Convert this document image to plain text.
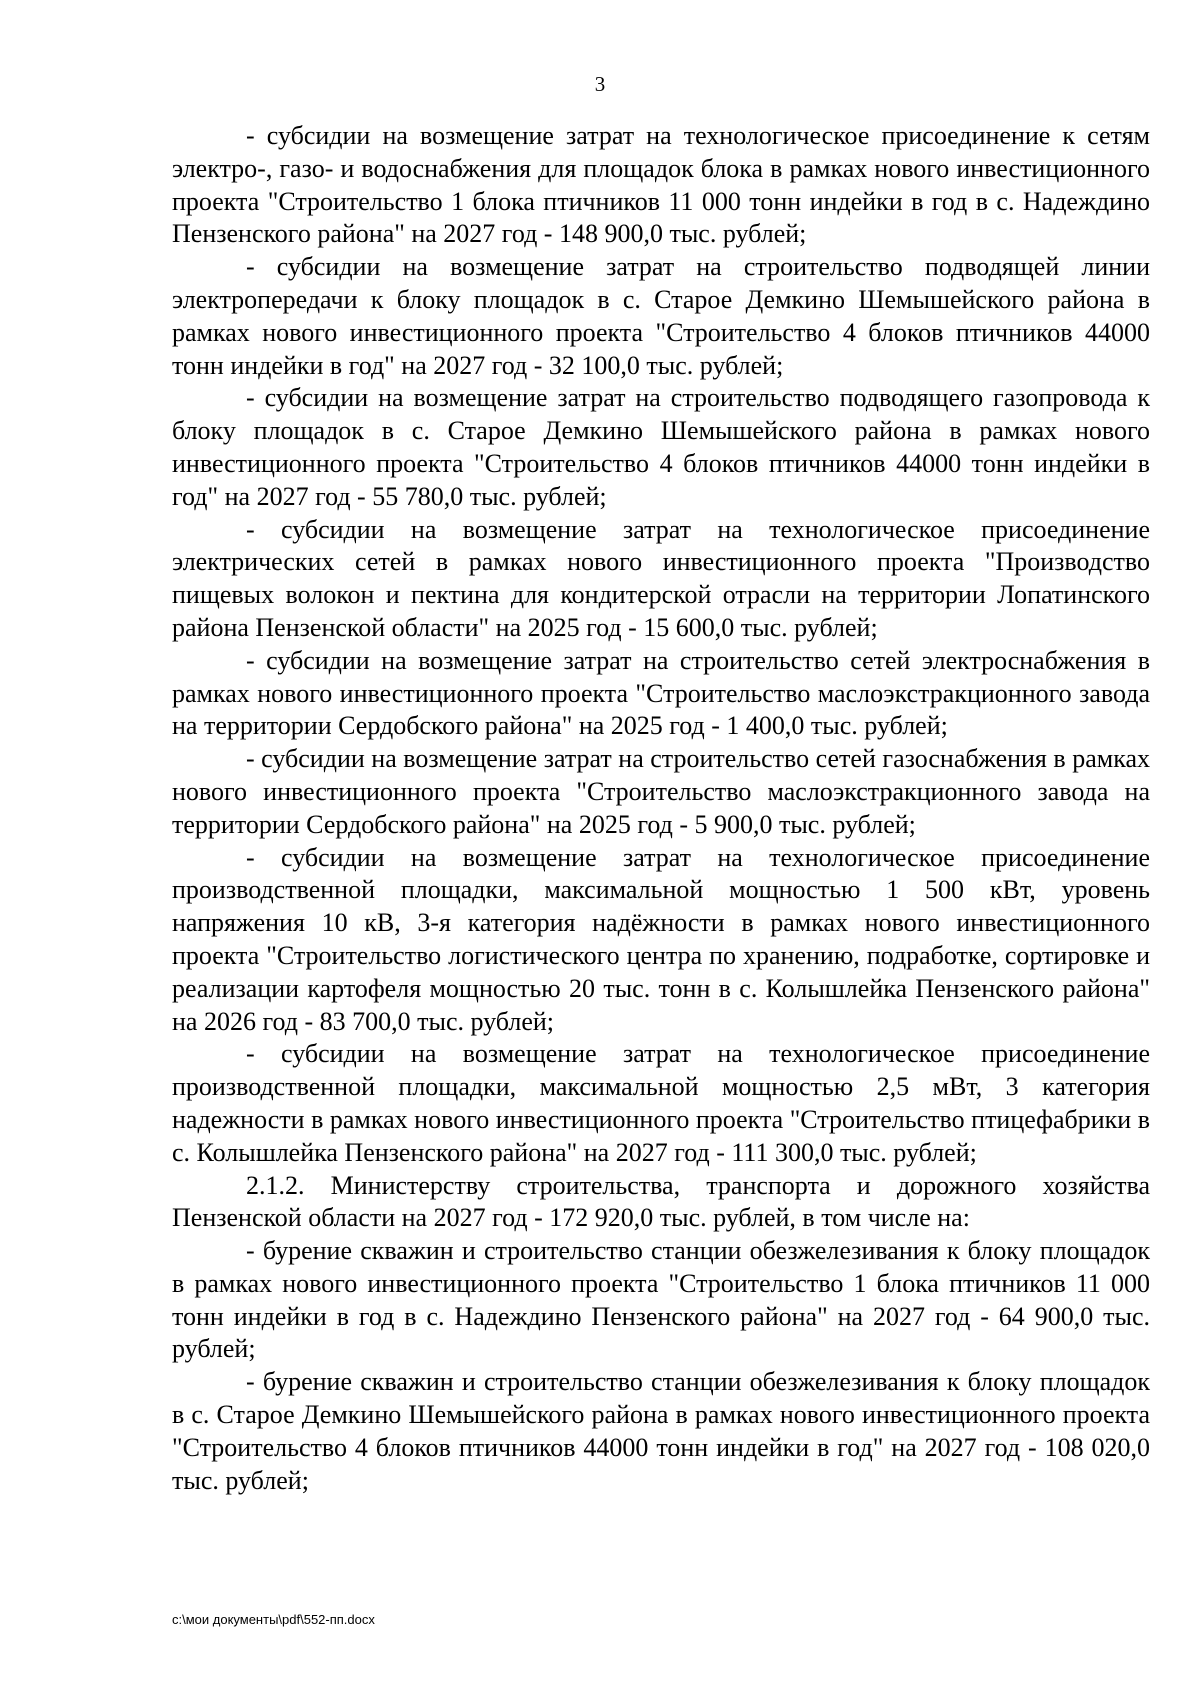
3

- субсидии на возмещение затрат на технологическое присоединение к сетям электро-, газо- и водоснабжения для площадок блока в рамках нового инвестиционного проекта "Строительство 1 блока птичников 11 000 тонн индейки в год в с. Надеждино Пензенского района" на 2027 год - 148 900,0 тыс. рублей;

- субсидии на возмещение затрат на строительство подводящей линии электропередачи к блоку площадок в с. Старое Демкино Шемышейского района в рамках нового инвестиционного проекта "Строительство 4 блоков птичников 44000 тонн индейки в год" на 2027 год - 32 100,0 тыс. рублей;

- субсидии на возмещение затрат на строительство подводящего газопровода к блоку площадок в с. Старое Демкино Шемышейского района в рамках нового инвестиционного проекта "Строительство 4 блоков птичников 44000 тонн индейки в год" на 2027 год - 55 780,0 тыс. рублей;

- субсидии на возмещение затрат на технологическое присоединение электрических сетей в рамках нового инвестиционного проекта "Производство пищевых волокон и пектина для кондитерской отрасли на территории Лопатинского района Пензенской области" на 2025 год - 15 600,0 тыс. рублей;

- субсидии на возмещение затрат на строительство сетей электроснабжения в рамках нового инвестиционного проекта "Строительство маслоэкстракционного завода на территории Сердобского района" на 2025 год - 1 400,0 тыс. рублей;

- субсидии на возмещение затрат на строительство сетей газоснабжения в рамках нового инвестиционного проекта "Строительство маслоэкстракционного завода на территории Сердобского района" на 2025 год - 5 900,0 тыс. рублей;

- субсидии на возмещение затрат на технологическое присоединение производственной площадки, максимальной мощностью 1 500 кВт, уровень напряжения 10 кВ, 3-я категория надёжности в рамках нового инвестиционного проекта "Строительство логистического центра по хранению, подработке, сортировке и реализации картофеля мощностью 20 тыс. тонн в с. Колышлейка Пензенского района" на 2026 год - 83 700,0 тыс. рублей;

- субсидии на возмещение затрат на технологическое присоединение производственной площадки, максимальной мощностью 2,5 мВт, 3 категория надежности в рамках нового инвестиционного проекта "Строительство птицефабрики в с. Колышлейка Пензенского района" на 2027 год - 111 300,0 тыс. рублей;

2.1.2. Министерству строительства, транспорта и дорожного хозяйства Пензенской области на 2027 год - 172 920,0 тыс. рублей, в том числе на:

- бурение скважин и строительство станции обезжелезивания к блоку площадок в рамках нового инвестиционного проекта "Строительство 1 блока птичников 11 000 тонн индейки в год в с. Надеждино Пензенского района" на 2027 год - 64 900,0 тыс. рублей;

- бурение скважин и строительство станции обезжелезивания к блоку площадок в с. Старое Демкино Шемышейского района в рамках нового инвестиционного проекта "Строительство 4 блоков птичников 44000 тонн индейки в год" на 2027 год - 108 020,0 тыс. рублей;

c:\мои документы\pdf\552-пп.docx
